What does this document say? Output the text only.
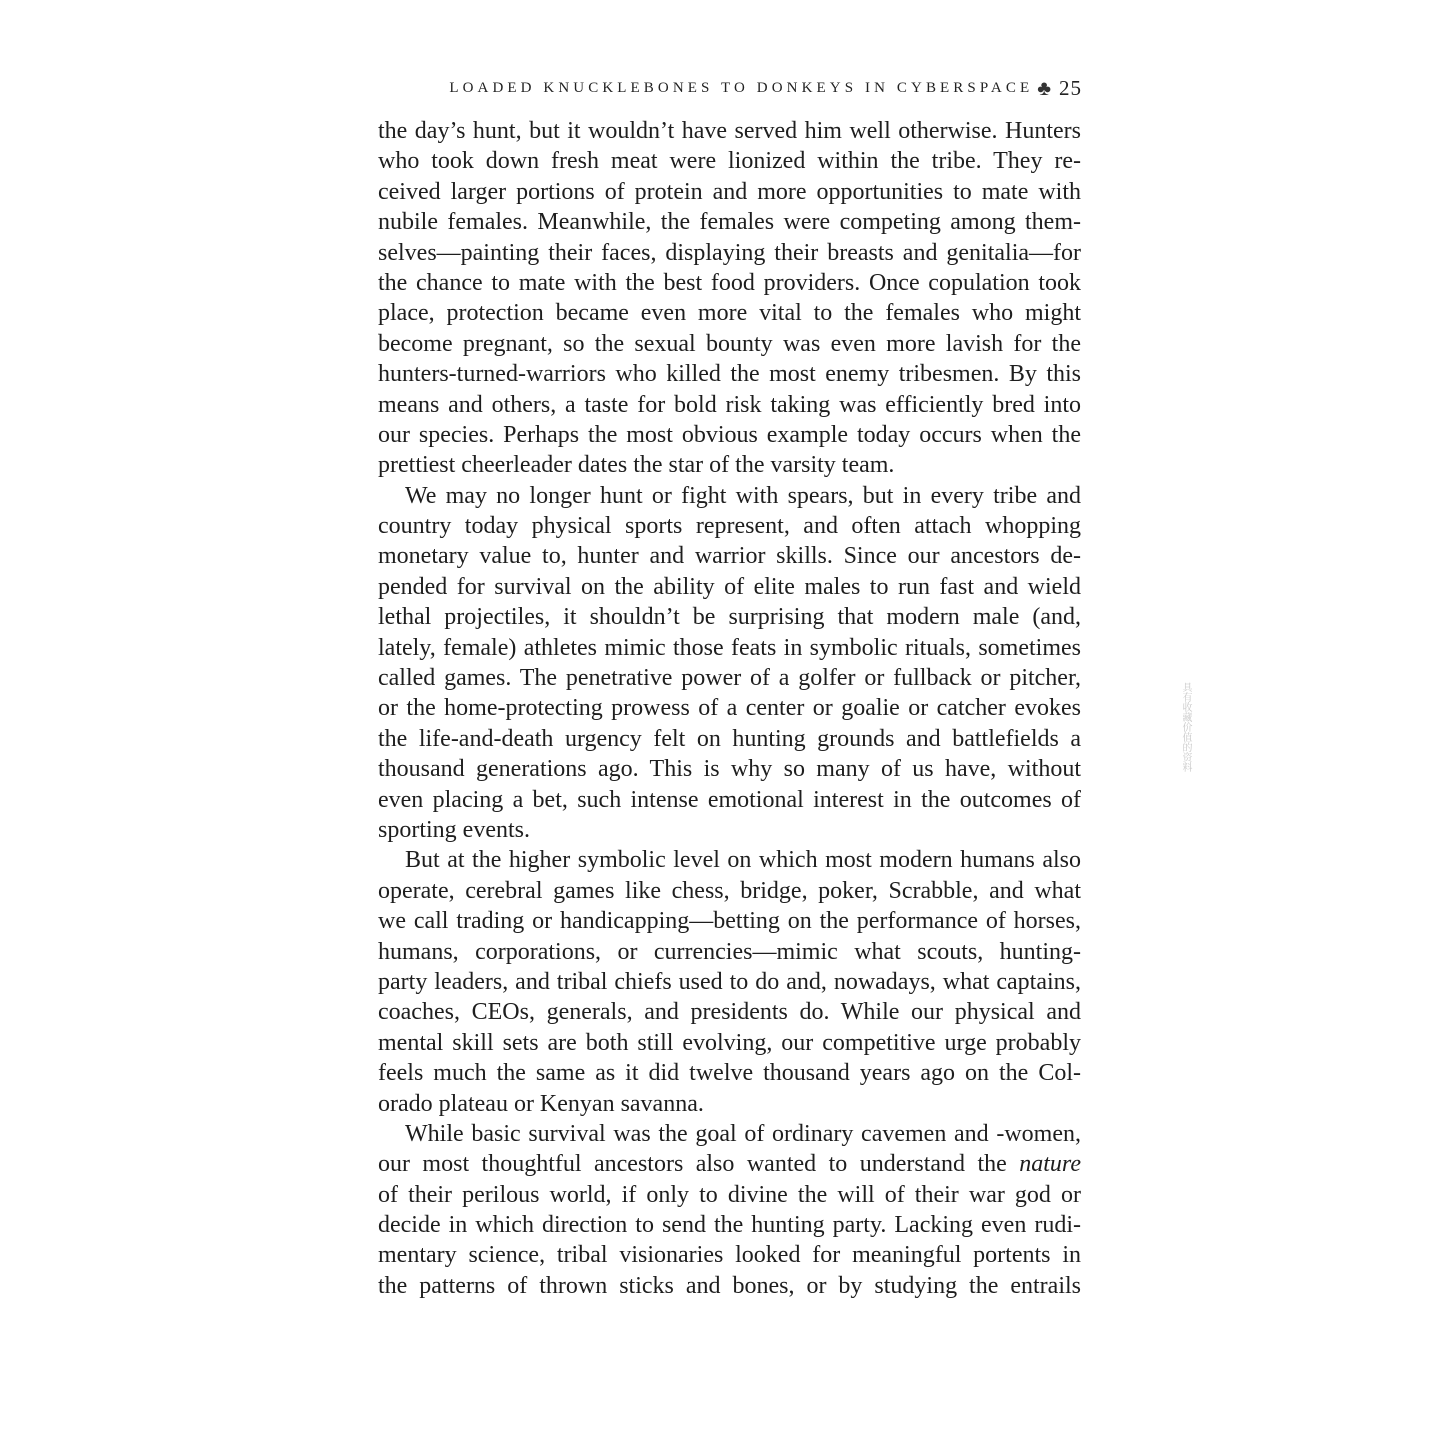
LOADED KNUCKLEBONES TO DONKEYS IN CYBERSPACE ♣ 25
the day’s hunt, but it wouldn’t have served him well otherwise. Hunters
who took down fresh meat were lionized within the tribe. They re-
ceived larger portions of protein and more opportunities to mate with
nubile females. Meanwhile, the females were competing among them-
selves—painting their faces, displaying their breasts and genitalia—for
the chance to mate with the best food providers. Once copulation took
place, protection became even more vital to the females who might
become pregnant, so the sexual bounty was even more lavish for the
hunters-turned-warriors who killed the most enemy tribesmen. By this
means and others, a taste for bold risk taking was efficiently bred into
our species. Perhaps the most obvious example today occurs when the
prettiest cheerleader dates the star of the varsity team.
We may no longer hunt or fight with spears, but in every tribe and
country today physical sports represent, and often attach whopping
monetary value to, hunter and warrior skills. Since our ancestors de-
pended for survival on the ability of elite males to run fast and wield
lethal projectiles, it shouldn’t be surprising that modern male (and,
lately, female) athletes mimic those feats in symbolic rituals, sometimes
called games. The penetrative power of a golfer or fullback or pitcher,
or the home-protecting prowess of a center or goalie or catcher evokes
the life-and-death urgency felt on hunting grounds and battlefields a
thousand generations ago. This is why so many of us have, without
even placing a bet, such intense emotional interest in the outcomes of
sporting events.
But at the higher symbolic level on which most modern humans also
operate, cerebral games like chess, bridge, poker, Scrabble, and what
we call trading or handicapping—betting on the performance of horses,
humans, corporations, or currencies—mimic what scouts, hunting-
party leaders, and tribal chiefs used to do and, nowadays, what captains,
coaches, CEOs, generals, and presidents do. While our physical and
mental skill sets are both still evolving, our competitive urge probably
feels much the same as it did twelve thousand years ago on the Col-
orado plateau or Kenyan savanna.
While basic survival was the goal of ordinary cavemen and -women,
our most thoughtful ancestors also wanted to understand the nature
of their perilous world, if only to divine the will of their war god or
decide in which direction to send the hunting party. Lacking even rudi-
mentary science, tribal visionaries looked for meaningful portents in
the patterns of thrown sticks and bones, or by studying the entrails
具有收藏价值的资料
